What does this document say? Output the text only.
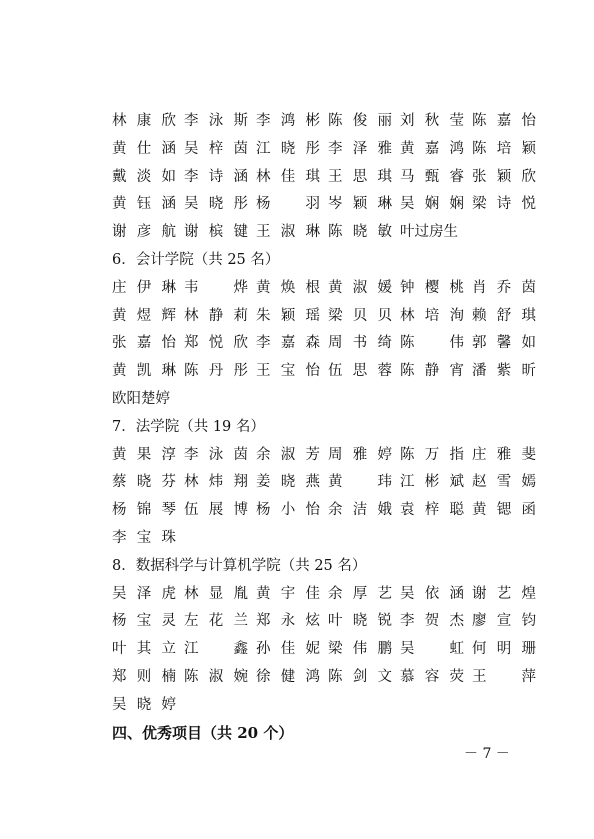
林康欣 李泳斯 李鸿彬 陈俊丽 刘秋莹 陈嘉怡
黄仕涵 吴梓茵 江晓彤 李泽雅 黄嘉鸿 陈培颖
戴淡如 李诗涵 林佳琪 王思琪 马甄睿 张颖欣
黄钰涵 吴晓彤 杨 羽 岑颖琳 吴娴娴 梁诗悦
谢彦航 谢槟键 王淑琳 陈晓敏 叶过房生
6．会计学院（共 25 名）
庄伊琳 韦 烨 黄焕根 黄淑媛 钟樱桃 肖乔茵
黄煜辉 林静莉 朱颖瑶 梁贝贝 林培洵 赖舒琪
张嘉怡 郑悦欣 李嘉森 周书绮 陈 伟 郭馨如
黄凯琳 陈丹彤 王宝怡 伍思蓉 陈静宵 潘紫昕
欧阳楚婷
7．法学院（共 19 名）
黄果淳 李泳茵 余淑芳 周雅婷 陈万指 庄雅斐
蔡晓芬 林炜翔 姜晓燕 黄 玮 江彬斌 赵雪嫣
杨锦琴 伍展博 杨小怡 余洁娥 袁梓聪 黄锶函
李宝珠
8．数据科学与计算机学院（共 25 名）
吴泽虎 林显胤 黄宇佳 余厚艺 吴依涵 谢艺煌
杨宝灵 左花兰 郑永炫 叶晓锐 李贺杰 廖宣钧
叶其立 江 鑫 孙佳妮 梁伟鹏 吴 虹 何明珊
郑则楠 陈淑婉 徐健鸿 陈剑文 慕容荧 王 萍
吴晓婷
四、优秀项目（共 20 个）
－ 7 －
